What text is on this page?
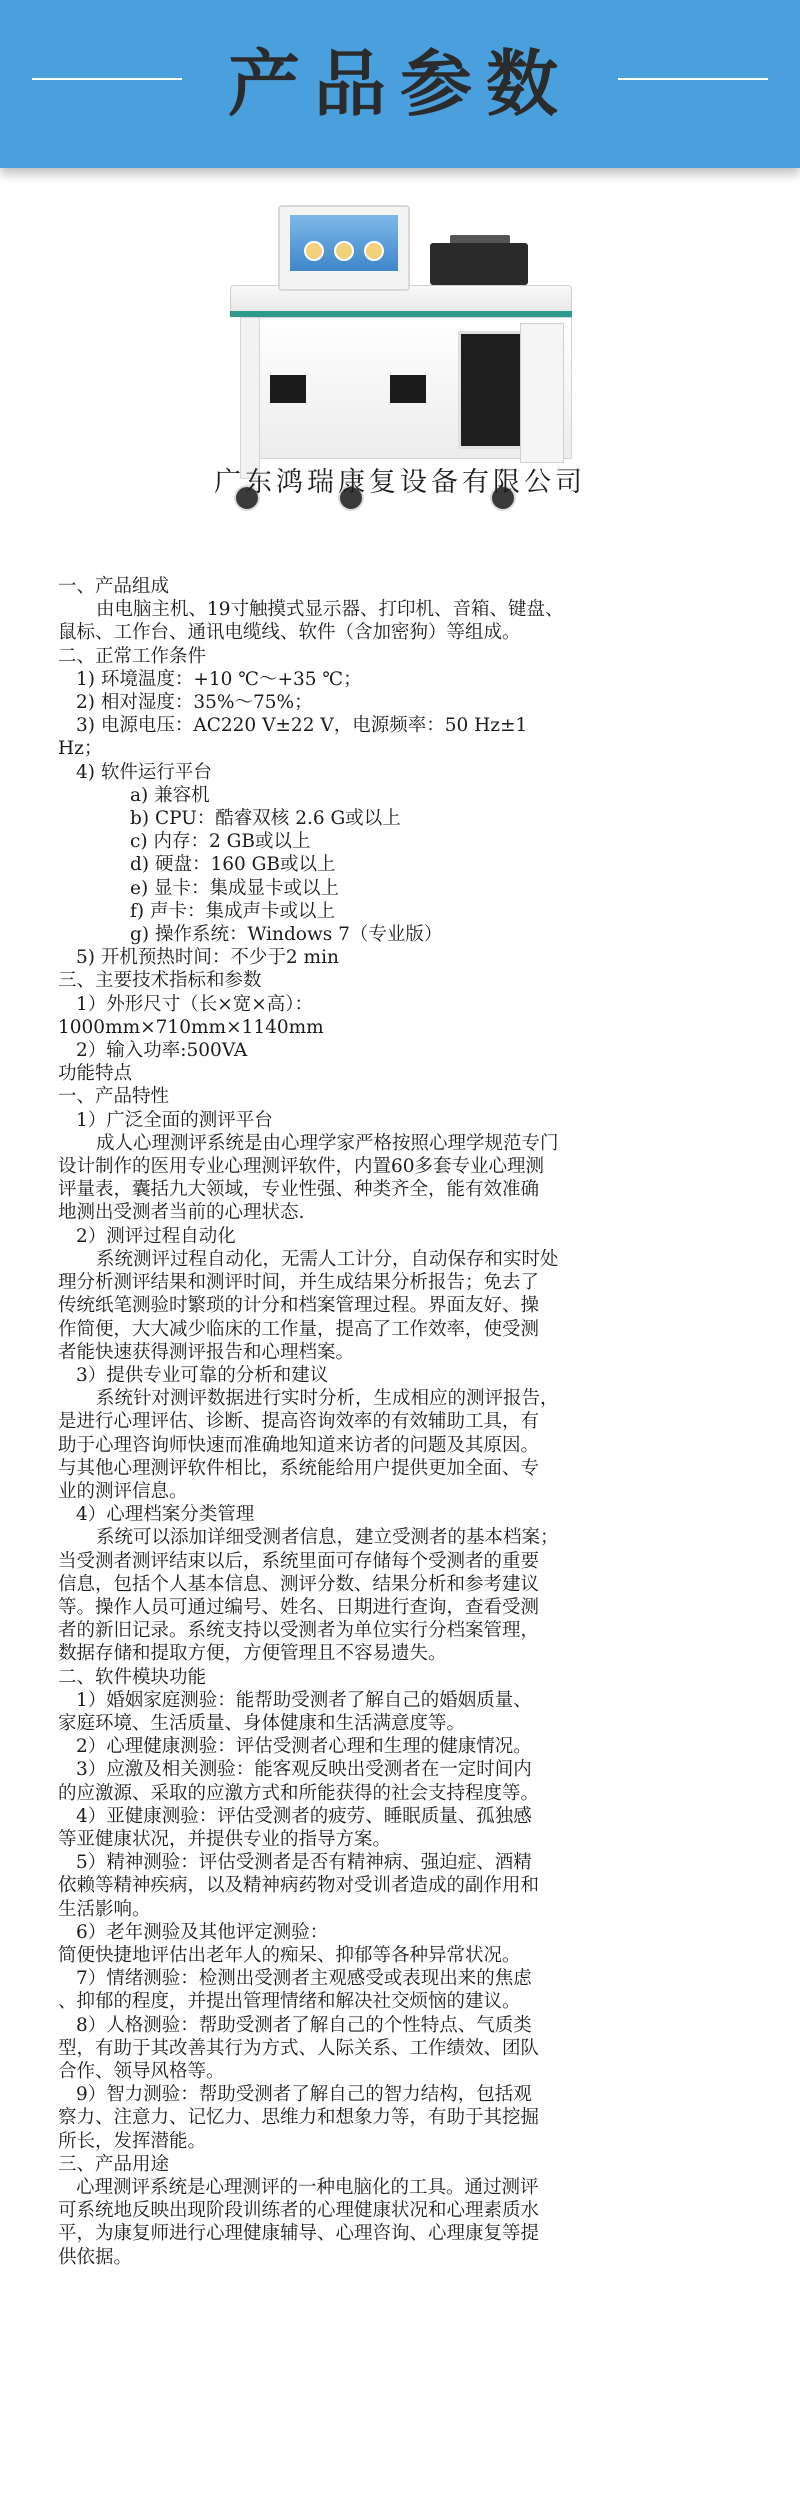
产品参数
广东鸿瑞康复设备有限公司

一、产品组成

由电脑主机、19寸触摸式显示器、打印机、音箱、键盘、

鼠标、工作台、通讯电缆线、软件（含加密狗）等组成。

二、正常工作条件

1) 环境温度：+10 ℃～+35 ℃；

2) 相对湿度：35%～75%；

3) 电源电压：AC220 V±22 V，电源频率：50 Hz±1

Hz；

4) 软件运行平台

a) 兼容机

b) CPU：酷睿双核 2.6 G或以上

c) 内存：2 GB或以上

d) 硬盘：160 GB或以上

e) 显卡：集成显卡或以上

f) 声卡：集成声卡或以上

g) 操作系统：Windows 7（专业版）

5) 开机预热时间：不少于2 min

三、主要技术指标和参数

1）外形尺寸（长×宽×高）：

1000mm×710mm×1140mm

2）输入功率:500VA

功能特点

一、产品特性

1）广泛全面的测评平台

成人心理测评系统是由心理学家严格按照心理学规范专门

设计制作的医用专业心理测评软件，内置60多套专业心理测

评量表，囊括九大领域，专业性强、种类齐全，能有效准确

地测出受测者当前的心理状态.

2）测评过程自动化

系统测评过程自动化，无需人工计分，自动保存和实时处

理分析测评结果和测评时间，并生成结果分析报告；免去了

传统纸笔测验时繁琐的计分和档案管理过程。界面友好、操

作简便，大大减少临床的工作量，提高了工作效率，使受测

者能快速获得测评报告和心理档案。

3）提供专业可靠的分析和建议

系统针对测评数据进行实时分析，生成相应的测评报告，

是进行心理评估、诊断、提高咨询效率的有效辅助工具，有

助于心理咨询师快速而准确地知道来访者的问题及其原因。

与其他心理测评软件相比，系统能给用户提供更加全面、专

业的测评信息。

4）心理档案分类管理

系统可以添加详细受测者信息，建立受测者的基本档案；

当受测者测评结束以后，系统里面可存储每个受测者的重要

信息，包括个人基本信息、测评分数、结果分析和参考建议

等。操作人员可通过编号、姓名、日期进行查询，查看受测

者的新旧记录。系统支持以受测者为单位实行分档案管理，

数据存储和提取方便，方便管理且不容易遗失。

二、软件模块功能

1）婚姻家庭测验：能帮助受测者了解自己的婚姻质量、

家庭环境、生活质量、身体健康和生活满意度等。

2）心理健康测验：评估受测者心理和生理的健康情况。

3）应激及相关测验：能客观反映出受测者在一定时间内

的应激源、采取的应激方式和所能获得的社会支持程度等。

4）亚健康测验：评估受测者的疲劳、睡眠质量、孤独感

等亚健康状况，并提供专业的指导方案。

5）精神测验：评估受测者是否有精神病、强迫症、酒精

依赖等精神疾病，以及精神病药物对受训者造成的副作用和

生活影响。

6）老年测验及其他评定测验：

简便快捷地评估出老年人的痴呆、抑郁等各种异常状况。

7）情绪测验：检测出受测者主观感受或表现出来的焦虑

、抑郁的程度，并提出管理情绪和解决社交烦恼的建议。

8）人格测验：帮助受测者了解自己的个性特点、气质类

型，有助于其改善其行为方式、人际关系、工作绩效、团队

合作、领导风格等。

9）智力测验：帮助受测者了解自己的智力结构，包括观

察力、注意力、记忆力、思维力和想象力等，有助于其挖掘

所长，发挥潜能。

三、产品用途

心理测评系统是心理测评的一种电脑化的工具。通过测评

可系统地反映出现阶段训练者的心理健康状况和心理素质水

平，为康复师进行心理健康辅导、心理咨询、心理康复等提

供依据。
